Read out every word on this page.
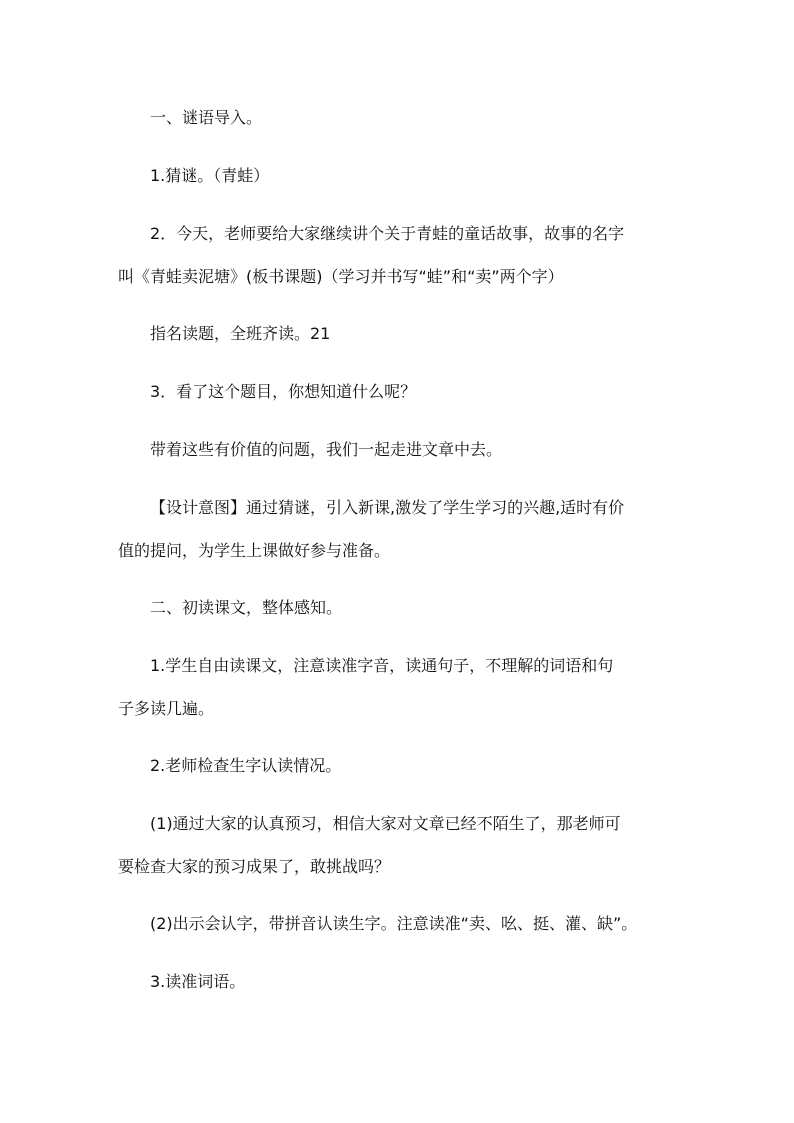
一、谜语导入。

1.猜谜。（青蛙）

2．今天，老师要给大家继续讲个关于青蛙的童话故事，故事的名字
叫《青蛙卖泥塘》(板书课题)（学习并书写“蛙”和“卖”两个字）

指名读题，全班齐读。21

3．看了这个题目，你想知道什么呢？

带着这些有价值的问题，我们一起走进文章中去。

【设计意图】通过猜谜，引入新课,激发了学生学习的兴趣,适时有价
值的提问，为学生上课做好参与准备。

二、初读课文，整体感知。

1.学生自由读课文，注意读准字音，读通句子，不理解的词语和句
子多读几遍。

2.老师检查生字认读情况。

(1)通过大家的认真预习，相信大家对文章已经不陌生了，那老师可
要检查大家的预习成果了，敢挑战吗？

(2)出示会认字，带拼音认读生字。注意读准“卖、吆、挺、灌、缺”。

3.读准词语。
